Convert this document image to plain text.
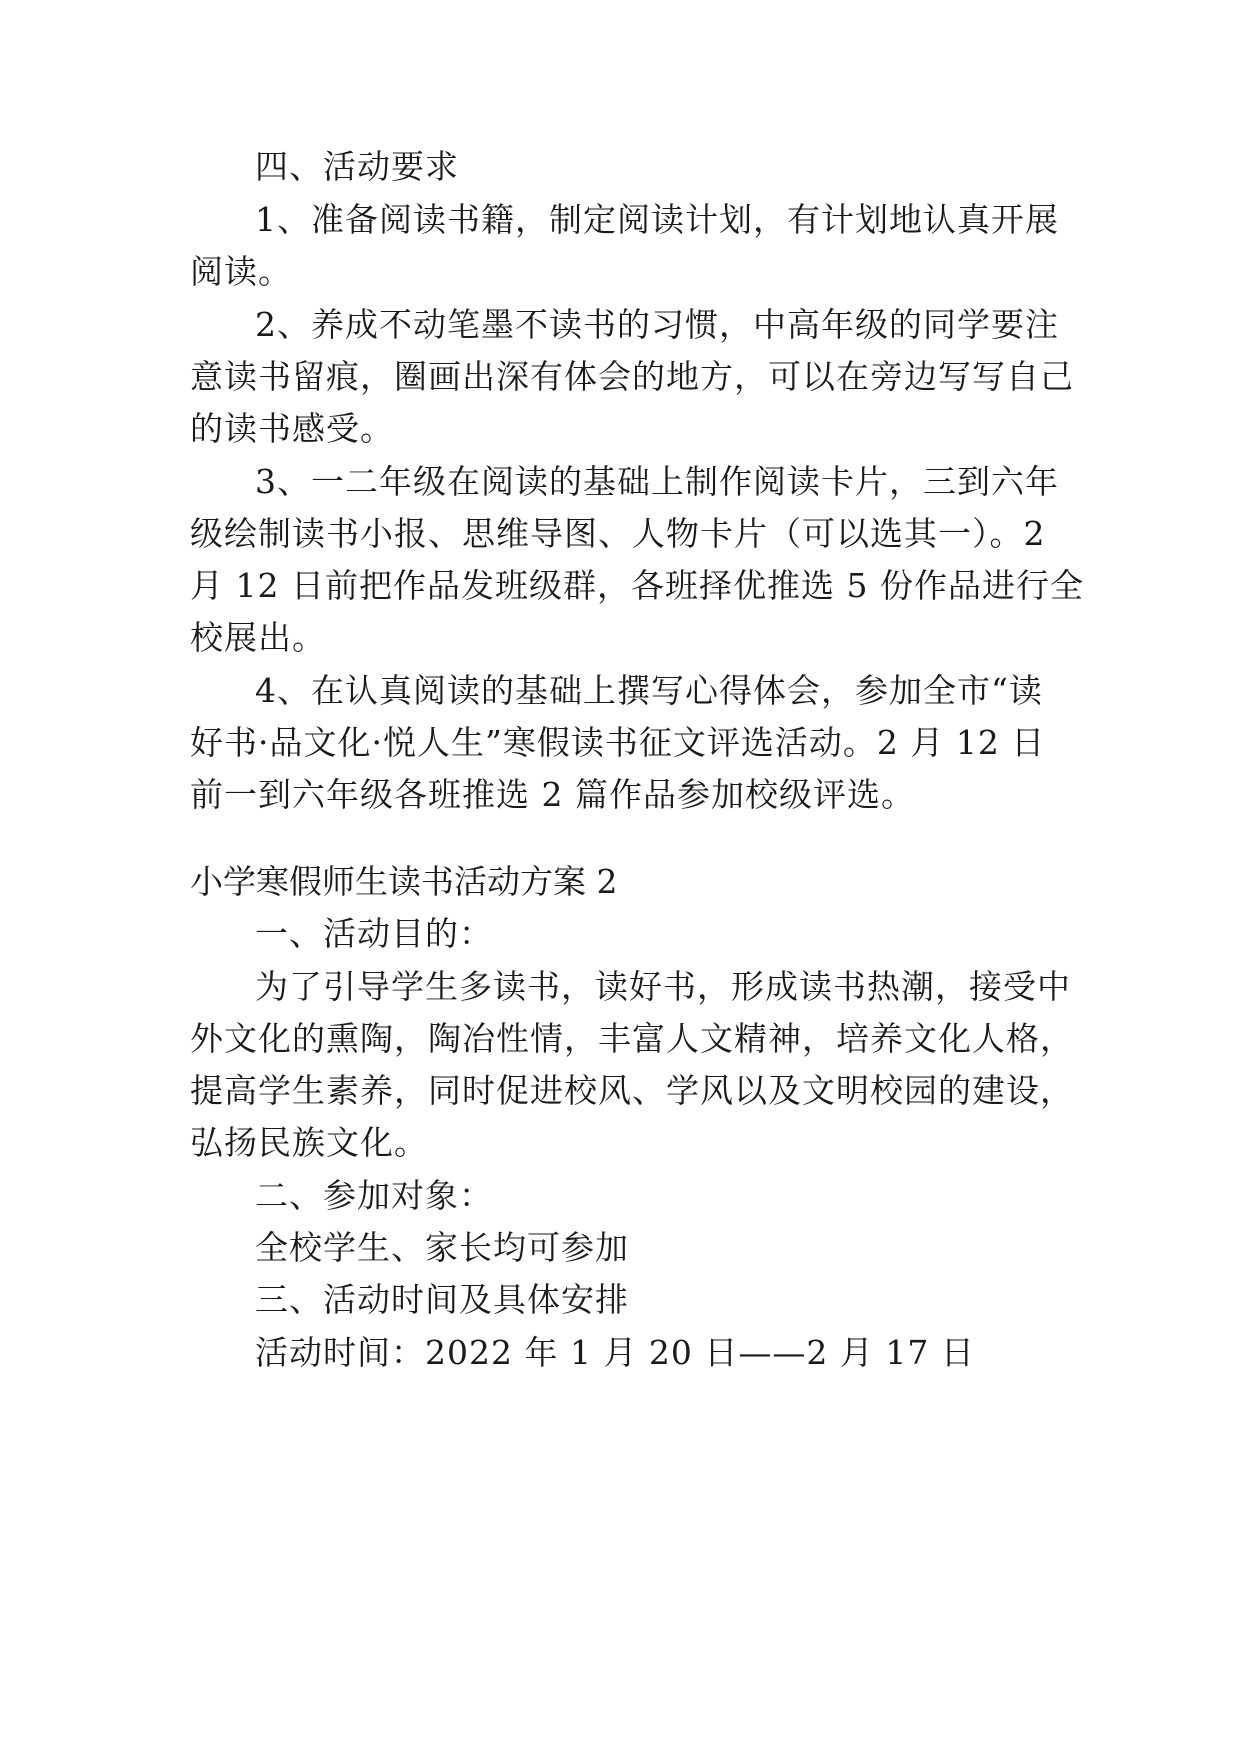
四、活动要求
1、准备阅读书籍，制定阅读计划，有计划地认真开展
阅读。
2、养成不动笔墨不读书的习惯，中高年级的同学要注
意读书留痕，圈画出深有体会的地方，可以在旁边写写自己
的读书感受。
3、一二年级在阅读的基础上制作阅读卡片，三到六年
级绘制读书小报、思维导图、人物卡片（可以选其一）。2
月 12 日前把作品发班级群，各班择优推选 5 份作品进行全
校展出。
4、在认真阅读的基础上撰写心得体会，参加全市“读
好书·品文化·悦人生”寒假读书征文评选活动。2 月 12 日
前一到六年级各班推选 2 篇作品参加校级评选。
小学寒假师生读书活动方案 2
一、活动目的：
为了引导学生多读书，读好书，形成读书热潮，接受中
外文化的熏陶，陶冶性情，丰富人文精神，培养文化人格，
提高学生素养，同时促进校风、学风以及文明校园的建设，
弘扬民族文化。
二、参加对象：
全校学生、家长均可参加
三、活动时间及具体安排
活动时间：2022 年 1 月 20 日——2 月 17 日
